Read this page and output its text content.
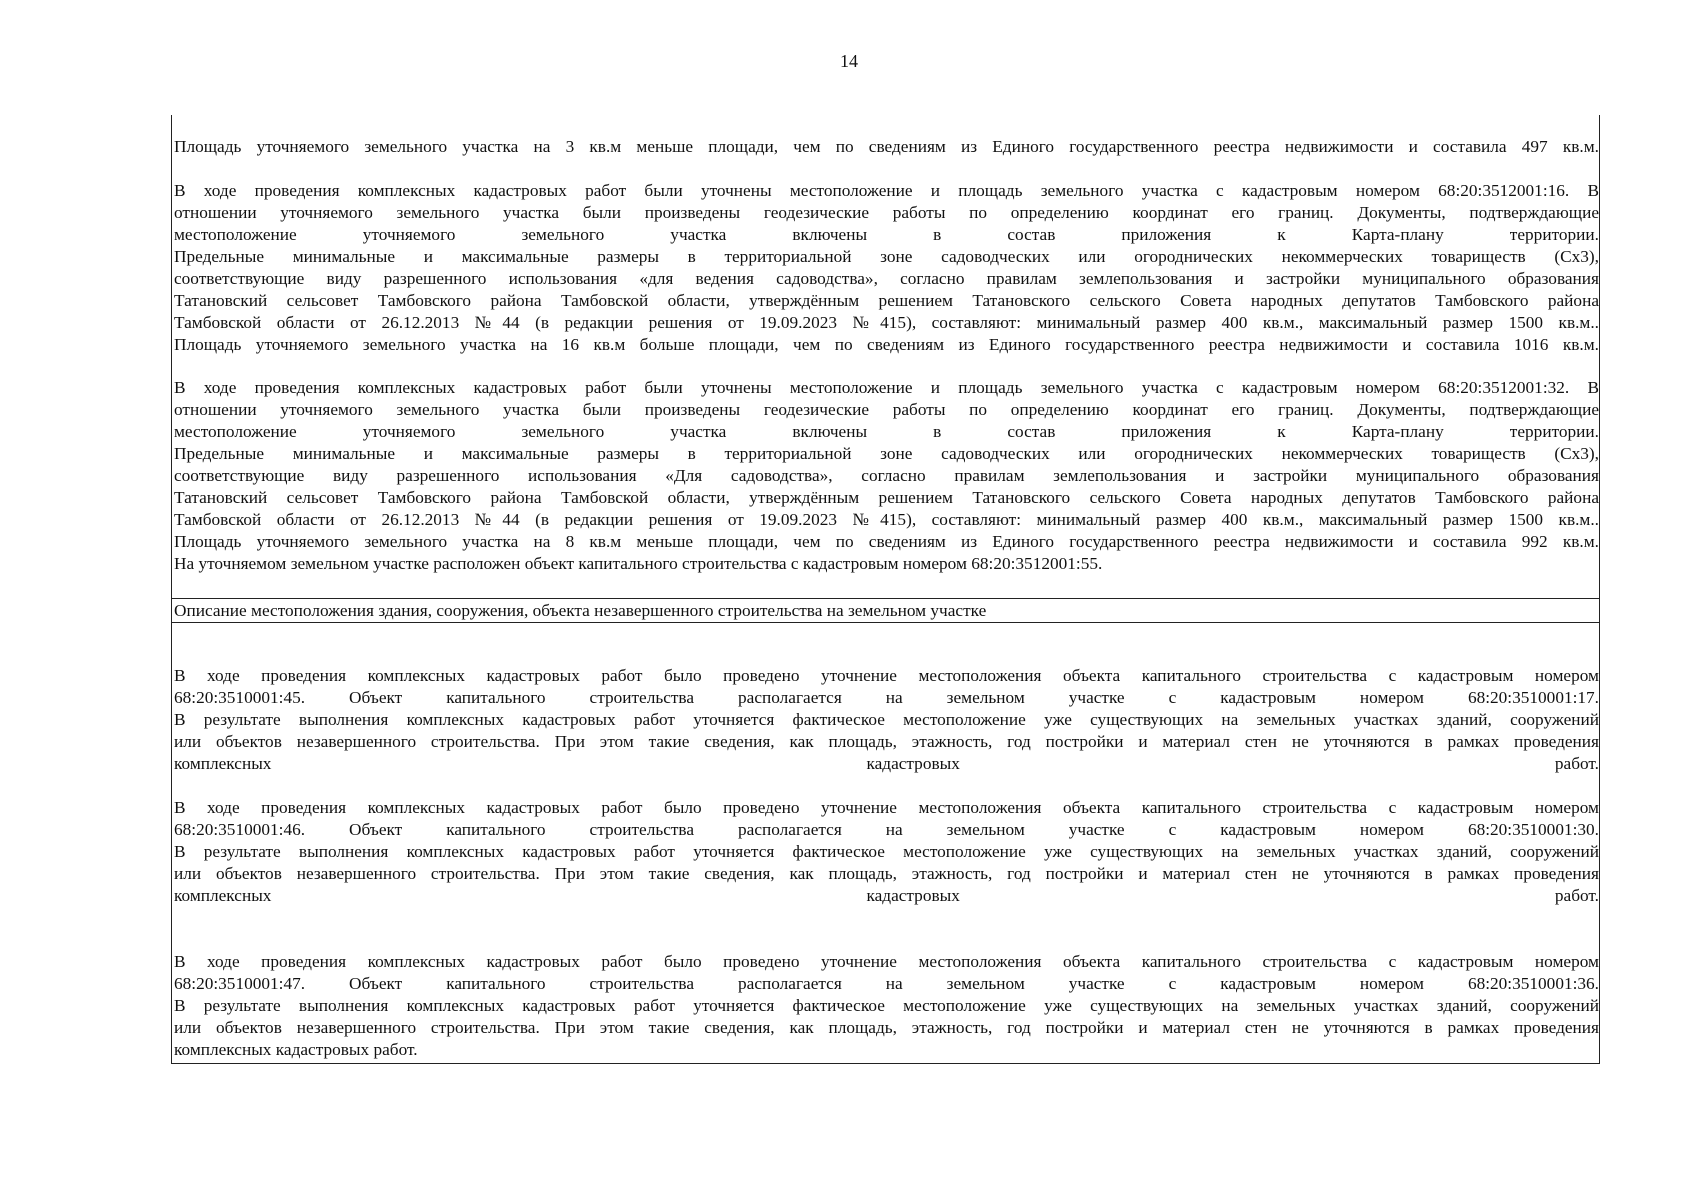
14
Площадь уточняемого земельного участка на 3 кв.м меньше площади, чем по сведениям из Единого государственного реестра недвижимости и составила 497 кв.м.
В ходе проведения комплексных кадастровых работ были уточнены местоположение и площадь земельного участка с кадастровым номером 68:20:3512001:16. В
отношении уточняемого земельного участка были произведены геодезические работы по определению координат его границ. Документы, подтверждающие
местоположение уточняемого земельного участка включены в состав приложения к Карта-плану территории.
Предельные минимальные и максимальные размеры в территориальной зоне садоводческих или огороднических некоммерческих товариществ (Сх3),
соответствующие виду разрешенного использования «для ведения садоводства», согласно правилам землепользования и застройки муниципального образования
Татановский сельсовет Тамбовского района Тамбовской области, утверждённым решением Татановского сельского Совета народных депутатов Тамбовского района
Тамбовской области от 26.12.2013 №44 (в редакции решения от 19.09.2023 №415), составляют: минимальный размер 400 кв.м., максимальный размер 1500 кв.м..
Площадь уточняемого земельного участка на 16 кв.м больше площади, чем по сведениям из Единого государственного реестра недвижимости и составила 1016 кв.м.
В ходе проведения комплексных кадастровых работ были уточнены местоположение и площадь земельного участка с кадастровым номером 68:20:3512001:32. В
отношении уточняемого земельного участка были произведены геодезические работы по определению координат его границ. Документы, подтверждающие
местоположение уточняемого земельного участка включены в состав приложения к Карта-плану территории.
Предельные минимальные и максимальные размеры в территориальной зоне садоводческих или огороднических некоммерческих товариществ (Сх3),
соответствующие виду разрешенного использования «Для садоводства», согласно правилам землепользования и застройки муниципального образования
Татановский сельсовет Тамбовского района Тамбовской области, утверждённым решением Татановского сельского Совета народных депутатов Тамбовского района
Тамбовской области от 26.12.2013 №44 (в редакции решения от 19.09.2023 №415), составляют: минимальный размер 400 кв.м., максимальный размер 1500 кв.м..
Площадь уточняемого земельного участка на 8 кв.м меньше площади, чем по сведениям из Единого государственного реестра недвижимости и составила 992 кв.м.
На уточняемом земельном участке расположен объект капитального строительства с кадастровым номером 68:20:3512001:55.
Описание местоположения здания, сооружения, объекта незавершенного строительства на земельном участке
В ходе проведения комплексных кадастровых работ было проведено уточнение местоположения объекта капитального строительства с кадастровым номером
68:20:3510001:45. Объект капитального строительства располагается на земельном участке с кадастровым номером 68:20:3510001:17.
В результате выполнения комплексных кадастровых работ уточняется фактическое местоположение уже существующих на земельных участках зданий, сооружений
или объектов незавершенного строительства. При этом такие сведения, как площадь, этажность, год постройки и материал стен не уточняются в рамках проведения
комплексных кадастровых работ.
В ходе проведения комплексных кадастровых работ было проведено уточнение местоположения объекта капитального строительства с кадастровым номером
68:20:3510001:46. Объект капитального строительства располагается на земельном участке с кадастровым номером 68:20:3510001:30.
В результате выполнения комплексных кадастровых работ уточняется фактическое местоположение уже существующих на земельных участках зданий, сооружений
или объектов незавершенного строительства. При этом такие сведения, как площадь, этажность, год постройки и материал стен не уточняются в рамках проведения
комплексных кадастровых работ.
В ходе проведения комплексных кадастровых работ было проведено уточнение местоположения объекта капитального строительства с кадастровым номером
68:20:3510001:47. Объект капитального строительства располагается на земельном участке с кадастровым номером 68:20:3510001:36.
В результате выполнения комплексных кадастровых работ уточняется фактическое местоположение уже существующих на земельных участках зданий, сооружений
или объектов незавершенного строительства. При этом такие сведения, как площадь, этажность, год постройки и материал стен не уточняются в рамках проведения
комплексных кадастровых работ.
